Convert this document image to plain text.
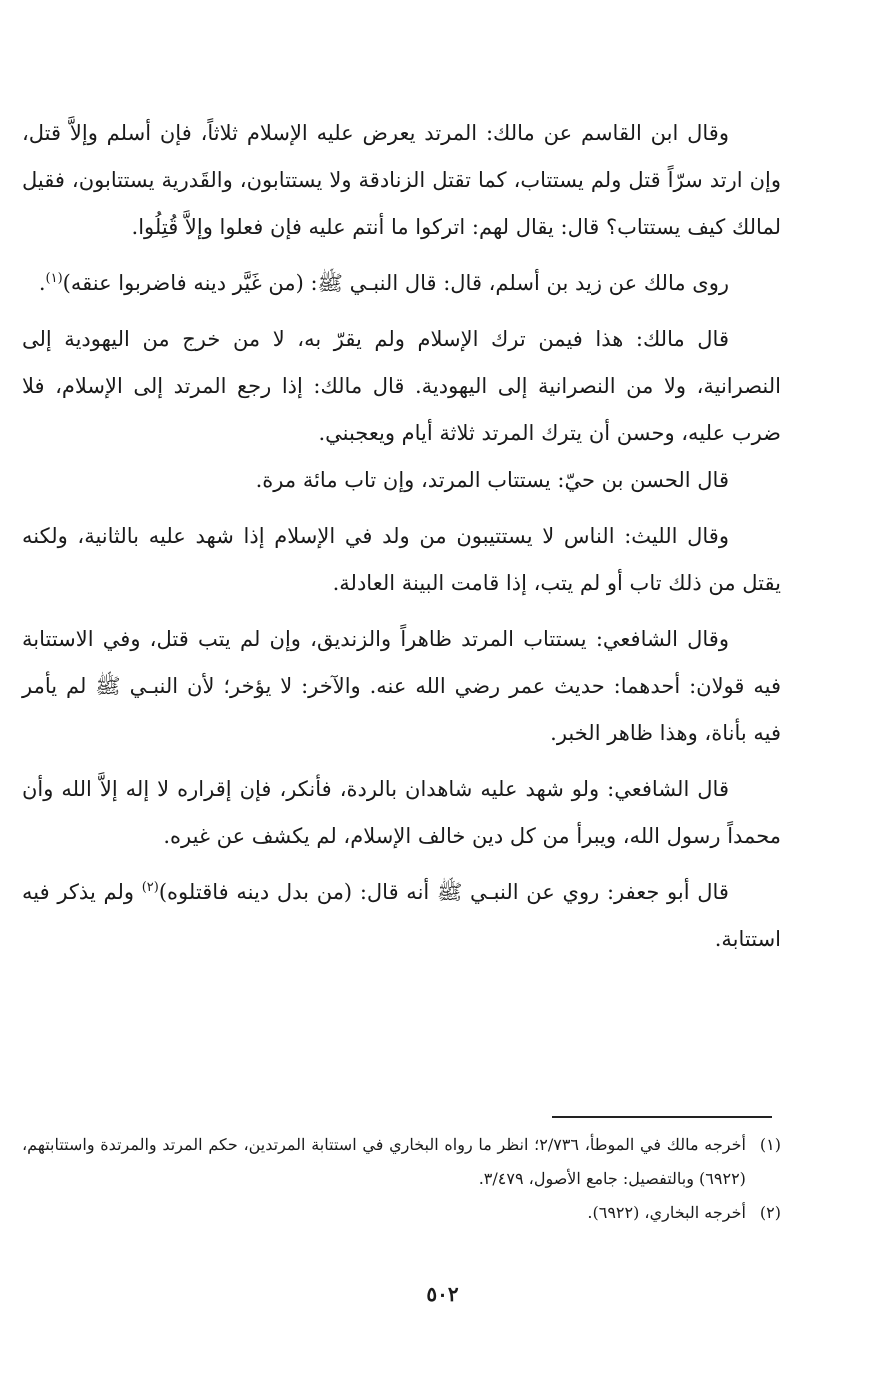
وقال ابن القاسم عن مالك: المرتد يعرض عليه الإسلام ثلاثاً، فإن أسلم وإلاَّ قتل، وإن ارتد سرّاً قتل ولم يستتاب، كما تقتل الزنادقة ولا يستتابون، والقَدرية يستتابون، فقيل لمالك كيف يستتاب؟ قال: يقال لهم: اتركوا ما أنتم عليه فإن فعلوا وإلاَّ قُتِلُوا.

روى مالك عن زيد بن أسلم، قال: قال النبـي ﷺ: (من غَيَّر دينه فاضربوا عنقه)$^{(١)}$.

قال مالك: هذا فيمن ترك الإسلام ولم يقرّ به، لا من خرج من اليهودية إلى النصرانية، ولا من النصرانية إلى اليهودية. قال مالك: إذا رجع المرتد إلى الإسلام، فلا ضرب عليه، وحسن أن يترك المرتد ثلاثة أيام ويعجبني.

قال الحسن بن حيّ: يستتاب المرتد، وإن تاب مائة مرة.

وقال الليث: الناس لا يستتيبون من ولد في الإسلام إذا شهد عليه بالثانية، ولكنه يقتل من ذلك تاب أو لم يتب، إذا قامت البينة العادلة.

وقال الشافعي: يستتاب المرتد ظاهراً والزنديق، وإن لم يتب قتل، وفي الاستتابة فيه قولان: أحدهما: حديث عمر رضي الله عنه. والآخر: لا يؤخر؛ لأن النبـي ﷺ لم يأمر فيه بأناة، وهذا ظاهر الخبر.

قال الشافعي: ولو شهد عليه شاهدان بالردة، فأنكر، فإن إقراره لا إله إلاَّ الله وأن محمداً رسول الله، ويبرأ من كل دين خالف الإسلام، لم يكشف عن غيره.

قال أبو جعفر: روي عن النبـي ﷺ أنه قال: (من بدل دينه فاقتلوه)$^{(٢)}$ ولم يذكر فيه استتابة.

(١)
أخرجه مالك في الموطأ، ٢/٧٣٦؛ انظر ما رواه البخاري في استتابة المرتدين، حكم المرتد والمرتدة واستتابتهم، (٦٩٢٢) وبالتفصيل: جامع الأصول، ٣/٤٧٩.
(٢)
أخرجه البخاري، (٦٩٢٢).
٥٠٢
